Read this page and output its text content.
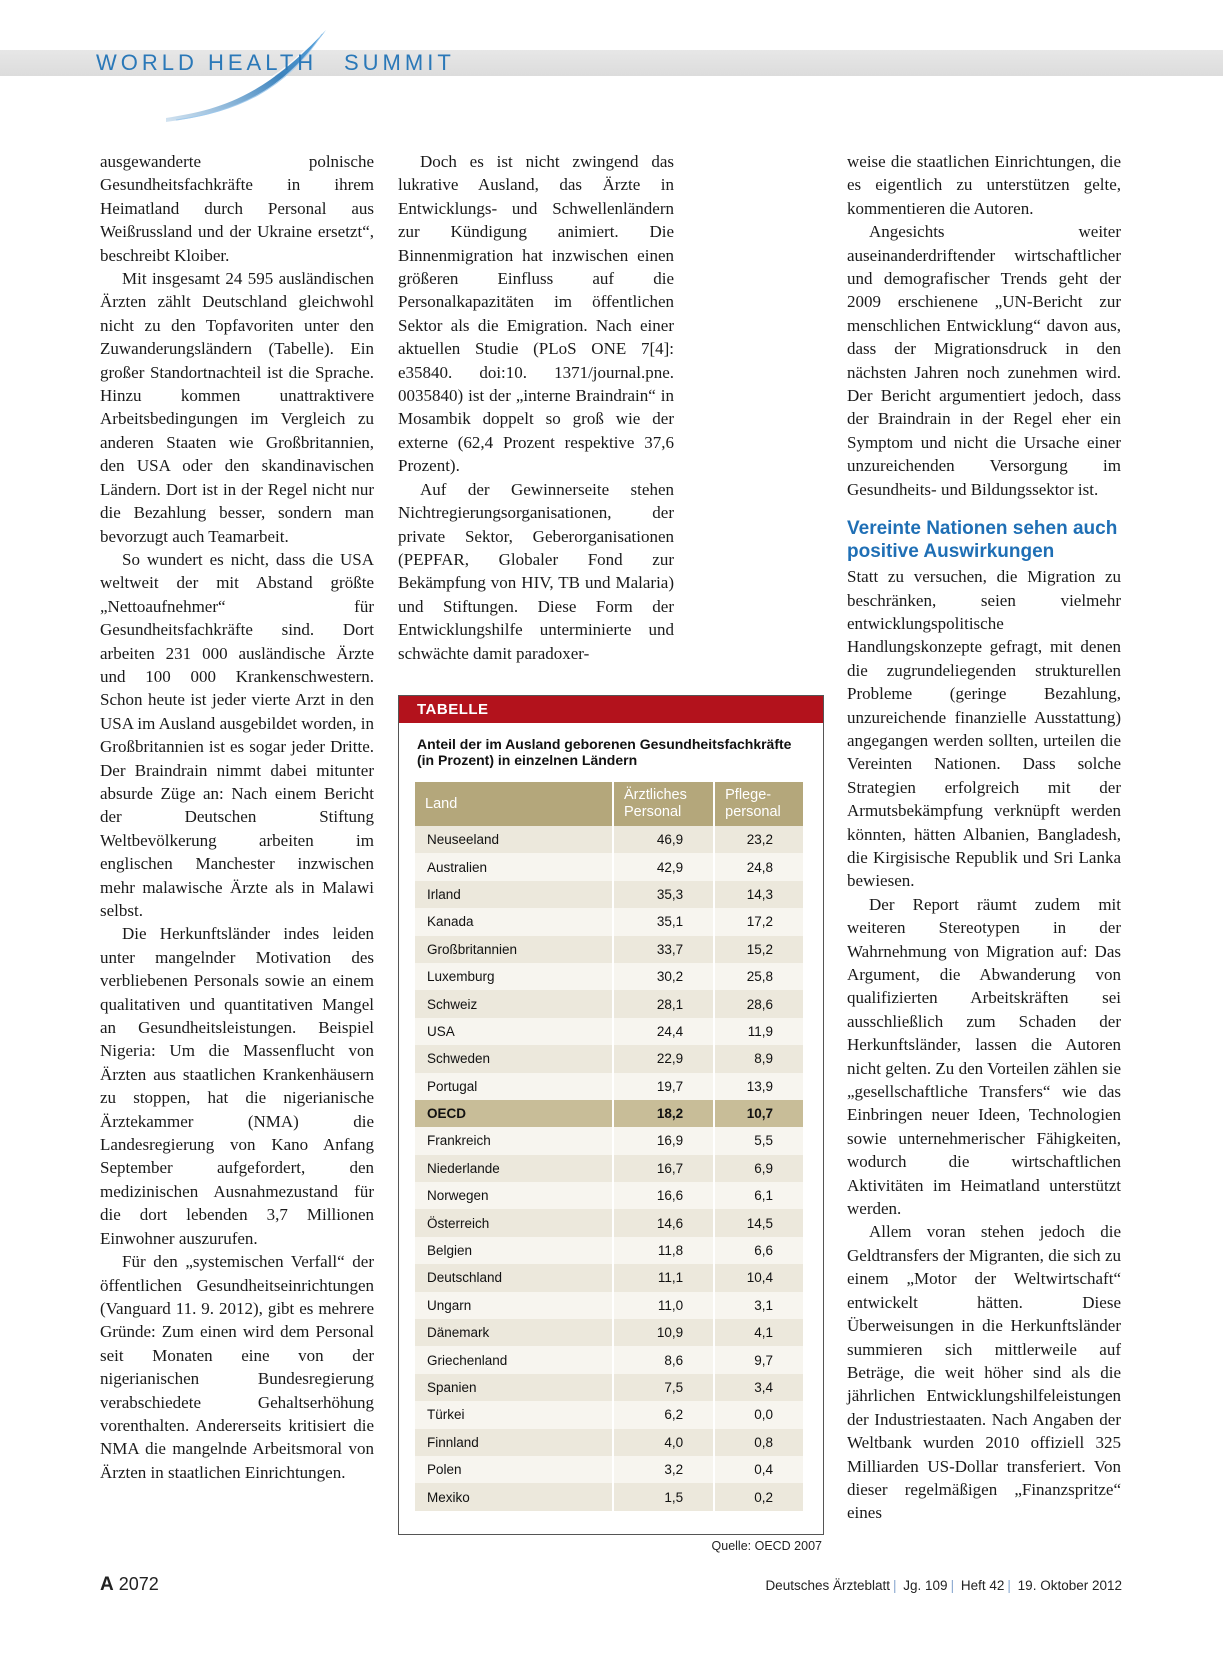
WORLD HEALTH SUMMIT

ausgewanderte polnische Gesundheitsfachkräfte in ihrem Heimatland durch Personal aus Weißrussland und der Ukraine ersetzt“, beschreibt Kloiber.

Mit insgesamt 24 595 ausländischen Ärzten zählt Deutschland gleichwohl nicht zu den Topfavoriten unter den Zuwanderungsländern (Tabelle). Ein großer Standortnachteil ist die Sprache. Hinzu kommen unattraktivere Arbeitsbedingungen im Vergleich zu anderen Staaten wie Großbritannien, den USA oder den skandinavischen Ländern. Dort ist in der Regel nicht nur die Bezahlung besser, sondern man bevorzugt auch Teamarbeit.

So wundert es nicht, dass die USA weltweit der mit Abstand größte „Nettoaufnehmer“ für Gesundheitsfachkräfte sind. Dort arbeiten 231 000 ausländische Ärzte und 100 000 Krankenschwestern. Schon heute ist jeder vierte Arzt in den USA im Ausland ausgebildet worden, in Großbritannien ist es sogar jeder Dritte. Der Braindrain nimmt dabei mitunter absurde Züge an: Nach einem Bericht der Deutschen Stiftung Weltbevölkerung arbeiten im englischen Manchester inzwischen mehr malawische Ärzte als in Malawi selbst.

Die Herkunftsländer indes leiden unter mangelnder Motivation des verbliebenen Personals sowie an einem qualitativen und quantitativen Mangel an Gesundheitsleistungen. Beispiel Nigeria: Um die Massenflucht von Ärzten aus staatlichen Krankenhäusern zu stoppen, hat die nigerianische Ärztekammer (NMA) die Landesregierung von Kano Anfang September aufgefordert, den medizinischen Ausnahmezustand für die dort lebenden 3,7 Millionen Einwohner auszurufen.

Für den „systemischen Verfall“ der öffentlichen Gesundheitseinrichtungen (Vanguard 11. 9. 2012), gibt es mehrere Gründe: Zum einen wird dem Personal seit Monaten eine von der nigerianischen Bundesregierung verabschiedete Gehaltserhöhung vorenthalten. Andererseits kritisiert die NMA die mangelnde Arbeitsmoral von Ärzten in staatlichen Einrichtungen.

Doch es ist nicht zwingend das lukrative Ausland, das Ärzte in Entwicklungs- und Schwellenländern zur Kündigung animiert. Die Binnenmigration hat inzwischen einen größeren Einfluss auf die Personalkapazitäten im öffentlichen Sektor als die Emigration. Nach einer aktuellen Studie (PLoS ONE 7[4]: e35840. doi:10. 1371/journal.pne. 0035840) ist der „interne Braindrain“ in Mosambik doppelt so groß wie der externe (62,4 Prozent respektive 37,6 Prozent).

Auf der Gewinnerseite stehen Nichtregierungsorganisationen, der private Sektor, Geberorganisationen (PEPFAR, Globaler Fond zur Bekämpfung von HIV, TB und Malaria) und Stiftungen. Diese Form der Entwicklungshilfe unterminierte und schwächte damit paradoxer-

weise die staatlichen Einrichtungen, die es eigentlich zu unterstützen gelte, kommentieren die Autoren.

Angesichts weiter auseinanderdriftender wirtschaftlicher und demografischer Trends geht der 2009 erschienene „UN-Bericht zur menschlichen Entwicklung“ davon aus, dass der Migrationsdruck in den nächsten Jahren noch zunehmen wird. Der Bericht argumentiert jedoch, dass der Braindrain in der Regel eher ein Symptom und nicht die Ursache einer unzureichenden Versorgung im Gesundheits- und Bildungssektor ist.

Vereinte Nationen sehen auch positive Auswirkungen

Statt zu versuchen, die Migration zu beschränken, seien vielmehr entwicklungspolitische Handlungskonzepte gefragt, mit denen die zugrundeliegenden strukturellen Probleme (geringe Bezahlung, unzureichende finanzielle Ausstattung) angegangen werden sollten, urteilen die Vereinten Nationen. Dass solche Strategien erfolgreich mit der Armutsbekämpfung verknüpft werden könnten, hätten Albanien, Bangladesh, die Kirgisische Republik und Sri Lanka bewiesen.

Der Report räumt zudem mit weiteren Stereotypen in der Wahrnehmung von Migration auf: Das Argument, die Abwanderung von qualifizierten Arbeitskräften sei ausschließlich zum Schaden der Herkunftsländer, lassen die Autoren nicht gelten. Zu den Vorteilen zählen sie „gesellschaftliche Transfers“ wie das Einbringen neuer Ideen, Technologien sowie unternehmerischer Fähigkeiten, wodurch die wirtschaftlichen Aktivitäten im Heimatland unterstützt werden.

Allem voran stehen jedoch die Geldtransfers der Migranten, die sich zu einem „Motor der Weltwirtschaft“ entwickelt hätten. Diese Überweisungen in die Herkunftsländer summieren sich mittlerweile auf Beträge, die weit höher sind als die jährlichen Entwicklungshilfeleistungen der Industriestaaten. Nach Angaben der Weltbank wurden 2010 offiziell 325 Milliarden US-Dollar transferiert. Von dieser regelmäßigen „Finanzspritze“ eines

TABELLE
Anteil der im Ausland geborenen Gesundheitsfachkräfte (in Prozent) in einzelnen Ländern
Land	Ärztliches Personal	Pflege-personal
Neuseeland	46,9	23,2
Australien	42,9	24,8
Irland	35,3	14,3
Kanada	35,1	17,2
Großbritannien	33,7	15,2
Luxemburg	30,2	25,8
Schweiz	28,1	28,6
USA	24,4	11,9
Schweden	22,9	8,9
Portugal	19,7	13,9
OECD	18,2	10,7
Frankreich	16,9	5,5
Niederlande	16,7	6,9
Norwegen	16,6	6,1
Österreich	14,6	14,5
Belgien	11,8	6,6
Deutschland	11,1	10,4
Ungarn	11,0	3,1
Dänemark	10,9	4,1
Griechenland	8,6	9,7
Spanien	7,5	3,4
Türkei	6,2	0,0
Finnland	4,0	0,8
Polen	3,2	0,4
Mexiko	1,5	0,2
Quelle: OECD 2007
A 2072	Deutsches Ärzteblatt | Jg. 109 | Heft 42 | 19. Oktober 2012
